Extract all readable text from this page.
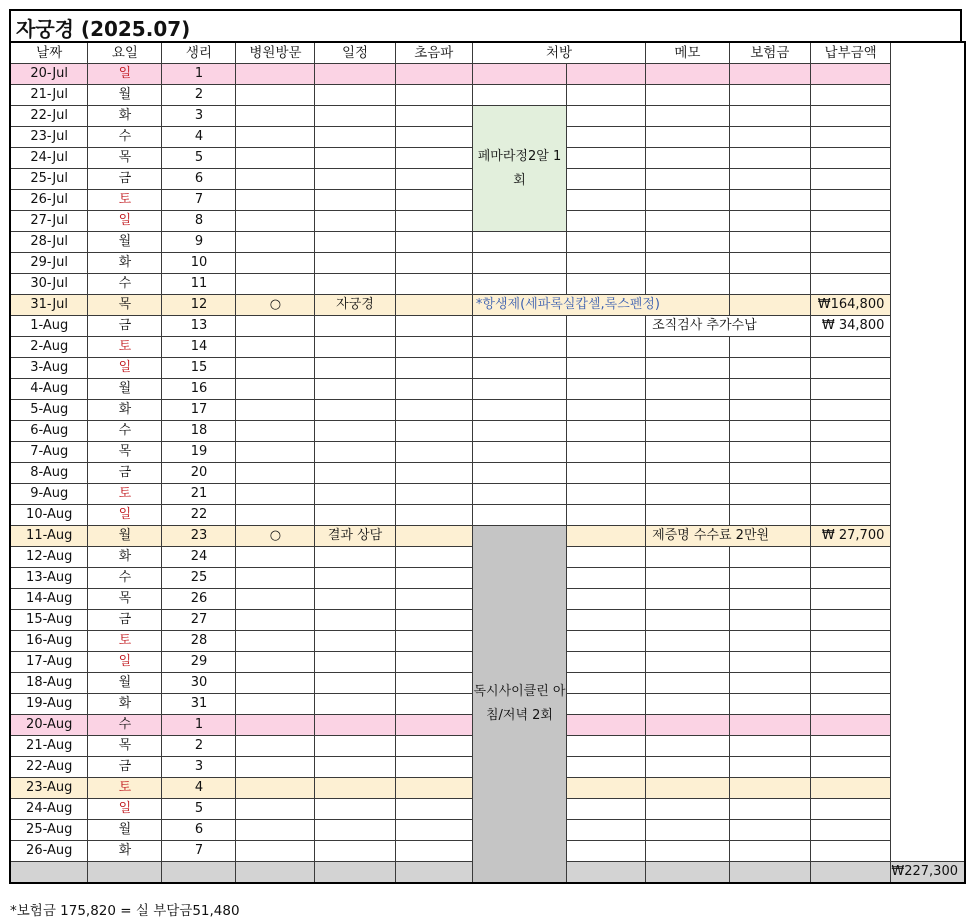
자궁경 (2025.07)
날짜	요일	생리	병원방문	일정	초음파	처방		메모	보험금	납부금액	
20-Jul	일	1									
21-Jul	월	2									
22-Jul	화	3				페마라정2알 1회					
23-Jul	수	4									
24-Jul	목	5									
25-Jul	금	6									
26-Jul	토	7									
27-Jul	일	8									
28-Jul	월	9									
29-Jul	화	10									
30-Jul	수	11									
31-Jul	목	12	○	자궁경		*항생제(세파록실캅셀,록스펜정)				₩164,800	
1-Aug	금	13						조직검사 추가수납		₩ 34,800	
2-Aug	토	14									
3-Aug	일	15									
4-Aug	월	16									
5-Aug	화	17									
6-Aug	수	18									
7-Aug	목	19									
8-Aug	금	20									
9-Aug	토	21									
10-Aug	일	22									
11-Aug	월	23	○	결과 상담		독시사이클린 아침/저녁 2회		제증명 수수료 2만원		₩ 27,700	
12-Aug	화	24									
13-Aug	수	25									
14-Aug	목	26									
15-Aug	금	27									
16-Aug	토	28									
17-Aug	일	29									
18-Aug	월	30									
19-Aug	화	31									
20-Aug	수	1									
21-Aug	목	2									
22-Aug	금	3									
23-Aug	토	4									
24-Aug	일	5									
25-Aug	월	6									
26-Aug	화	7									
											₩227,300
*보험금 175,820 = 실 부담금51,480
